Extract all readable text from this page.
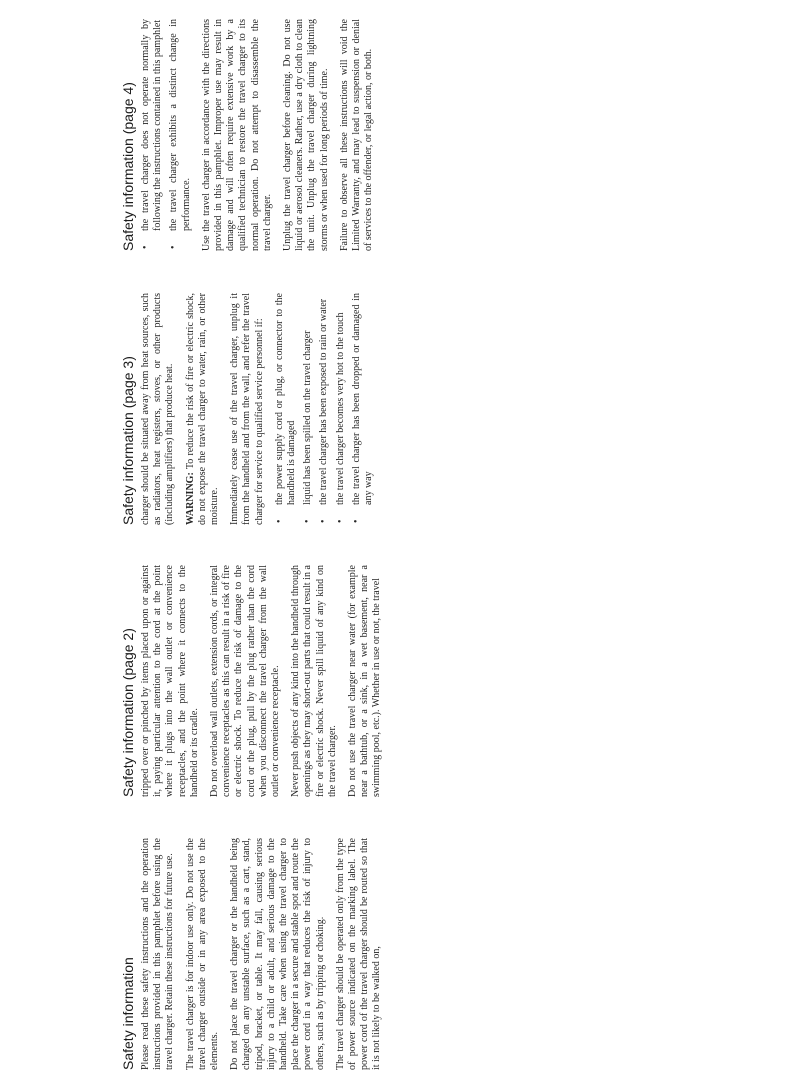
Safety information Please read these safety instructions and the operation instructions provided in this pamphlet before using the travel charger. Retain these instructions for future use. The travel charger is for indoor use only. Do not use the travel charger outside or in any area exposed to the elements. Do not place the travel charger or the handheld being charged on any unstable surface, such as a cart, stand, tripod, bracket, or table. It may fall, causing serious injury to a child or adult, and serious damage to the handheld. Take care when using the travel charger to place the charger in a secure and stable spot and route the power cord in a way that reduces the risk of injury to others, such as by tripping or choking. The travel charger should be operated only from the type of power source indicated on the marking label. The power cord of the travel charger should be routed so that it is not likely to be walked on,

Safety information (page 2) tripped over or pinched by items placed upon or against it, paying particular attention to the cord at the point where it plugs into the wall outlet or convenience receptacles, and the point where it connects to the handheld or its cradle. Do not overload wall outlets, extension cords, or integral convenience receptacles as this can result in a risk of fire or electric shock. To reduce the risk of damage to the cord or the plug, pull by the plug rather than the cord when you disconnect the travel charger from the wall outlet or convenience receptacle. Never push objects of any kind into the handheld through openings as they may short-out parts that could result in a fire or electric shock. Never spill liquid of any kind on the travel charger. Do not use the travel charger near water (for example near a bathtub, or a sink, in a wet basement, near a swimming pool, etc.). Whether in use or not, the travel

Safety information (page 3) charger should be situated away from heat sources, such as radiators, heat registers, stoves, or other products (including amplifiers) that produce heat. WARNING: To reduce the risk of fire or electric shock, do not expose the travel charger to water, rain, or other moisture. Immediately cease use of the travel charger, unplug it from the handheld and from the wall, and refer the travel charger for service to qualified service personnel if: • the power supply cord or plug, or connector to the handheld is damaged • liquid has been spilled on the travel charger • the travel charger has been exposed to rain or water • the travel charger becomes very hot to the touch • the travel charger has been dropped or damaged in any way
Safety information (page 4) • the travel charger does not operate normally by following the instructions contained in this pamphlet • the travel charger exhibits a distinct change in performance. Use the travel charger in accordance with the directions provided in this pamphlet. Improper use may result in damage and will often require extensive work by a qualified technician to restore the travel charger to its normal operation. Do not attempt to disassemble the travel charger. Unplug the travel charger before cleaning. Do not use liquid or aerosol cleaners. Rather, use a dry cloth to clean the unit. Unplug the travel charger during lightning storms or when used for long periods of time. Failure to observe all these instructions will void the Limited Warranty, and may lead to suspension or denial of services to the offender, or legal action, or both.
